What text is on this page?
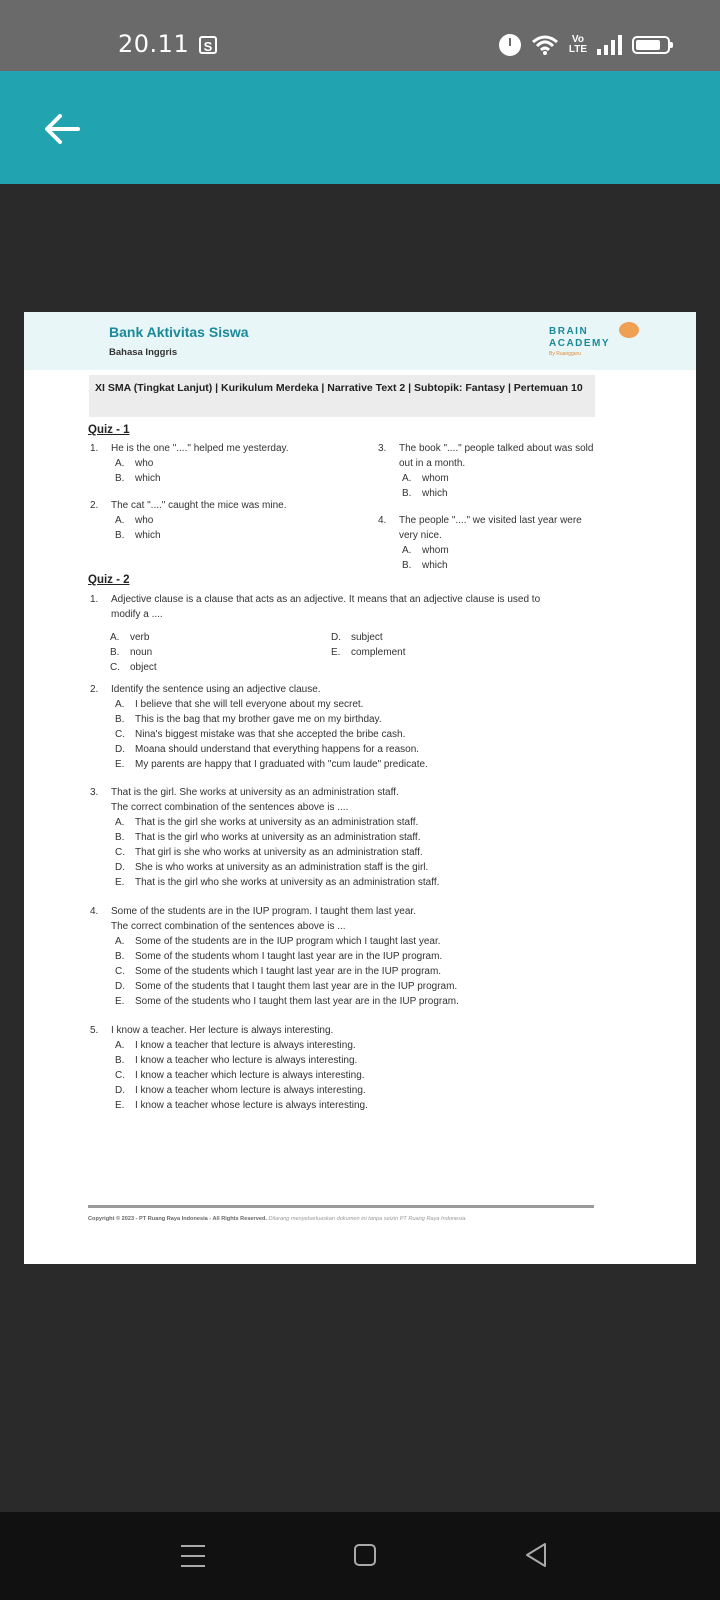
20.11	S	Vo
LTE
Bank Aktivitas Siswa
Bahasa Inggris
BRAIN
ACADEMY
By Ruangguru
XI SMA (Tingkat Lanjut) | Kurikulum Merdeka | Narrative Text 2 | Subtopik: Fantasy | Pertemuan 10
Quiz - 1
1. He is the one "...." helped me yesterday.
A. who
B. which
2. The cat "...." caught the mice was mine.
A. who
B. which
3. The book "...." people talked about was sold
out in a month.
A. whom
B. which
4. The people "...." we visited last year were
very nice.
A. whom
B. which
Quiz - 2
1. Adjective clause is a clause that acts as an adjective. It means that an adjective clause is used to
modify a ....
A. verb
B. noun
C. object
D. subject
E. complement
2. Identify the sentence using an adjective clause.
A. I believe that she will tell everyone about my secret.
B. This is the bag that my brother gave me on my birthday.
C. Nina's biggest mistake was that she accepted the bribe cash.
D. Moana should understand that everything happens for a reason.
E. My parents are happy that I graduated with "cum laude" predicate.
3. That is the girl. She works at university as an administration staff.
The correct combination of the sentences above is ....
A. That is the girl she works at university as an administration staff.
B. That is the girl who works at university as an administration staff.
C. That girl is she who works at university as an administration staff.
D. She is who works at university as an administration staff is the girl.
E. That is the girl who she works at university as an administration staff.
4. Some of the students are in the IUP program. I taught them last year.
The correct combination of the sentences above is ...
A. Some of the students are in the IUP program which I taught last year.
B. Some of the students whom I taught last year are in the IUP program.
C. Some of the students which I taught last year are in the IUP program.
D. Some of the students that I taught them last year are in the IUP program.
E. Some of the students who I taught them last year are in the IUP program.
5. I know a teacher. Her lecture is always interesting.
A. I know a teacher that lecture is always interesting.
B. I know a teacher who lecture is always interesting.
C. I know a teacher which lecture is always interesting.
D. I know a teacher whom lecture is always interesting.
E. I know a teacher whose lecture is always interesting.
Copyright © 2023 - PT Ruang Raya Indonesia - All Rights Reserved. Dilarang menyebarluaskan dokumen ini tanpa seizin PT Ruang Raya Indonesia.
